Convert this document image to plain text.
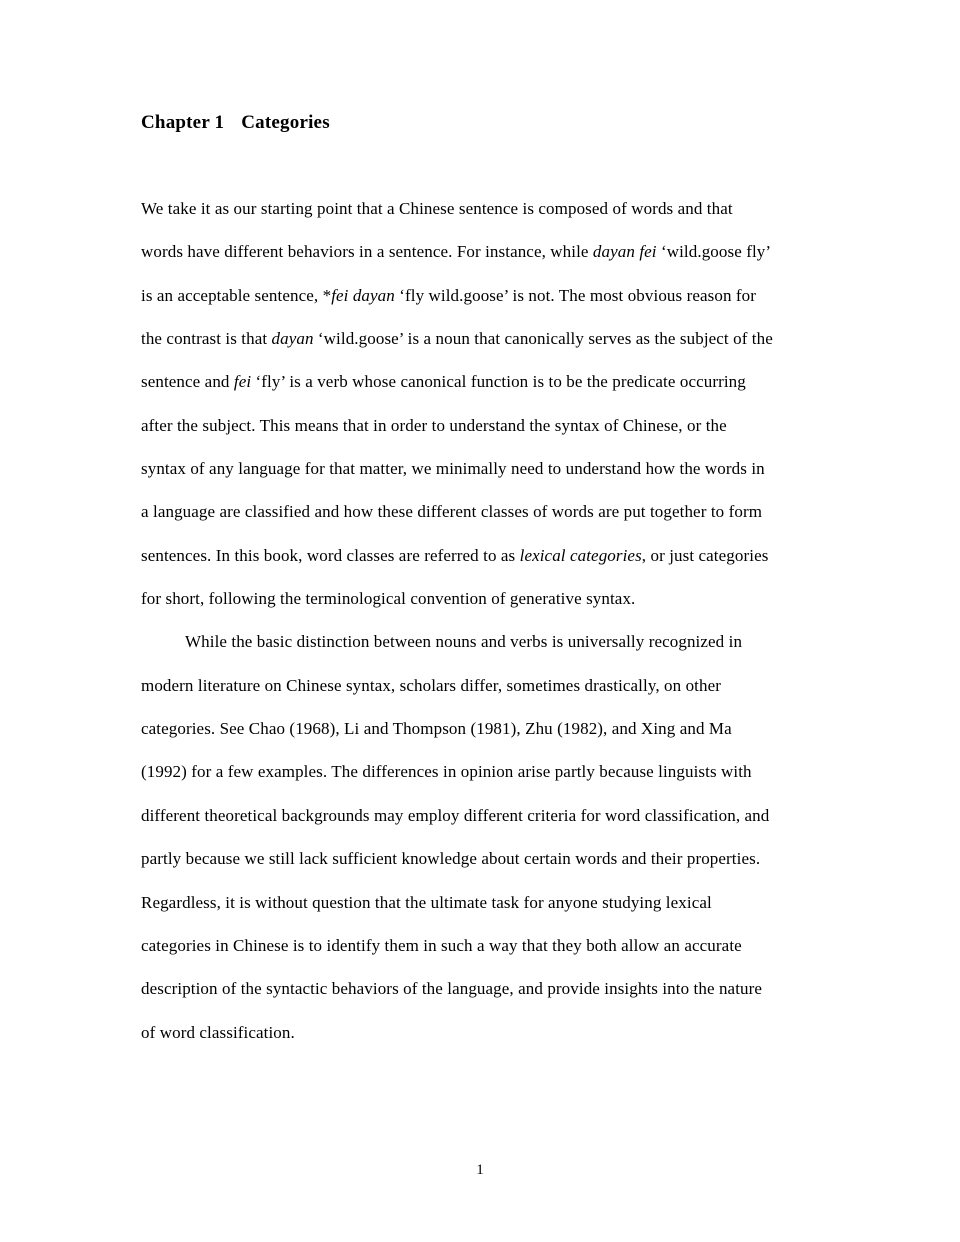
Chapter 1 Categories
We take it as our starting point that a Chinese sentence is composed of words and that
words have different behaviors in a sentence. For instance, while dayan fei ‘wild.goose fly’
is an acceptable sentence, *fei dayan ‘fly wild.goose’ is not. The most obvious reason for
the contrast is that dayan ‘wild.goose’ is a noun that canonically serves as the subject of the
sentence and fei ‘fly’ is a verb whose canonical function is to be the predicate occurring
after the subject. This means that in order to understand the syntax of Chinese, or the
syntax of any language for that matter, we minimally need to understand how the words in
a language are classified and how these different classes of words are put together to form
sentences. In this book, word classes are referred to as lexical categories, or just categories
for short, following the terminological convention of generative syntax.
While the basic distinction between nouns and verbs is universally recognized in
modern literature on Chinese syntax, scholars differ, sometimes drastically, on other
categories. See Chao (1968), Li and Thompson (1981), Zhu (1982), and Xing and Ma
(1992) for a few examples. The differences in opinion arise partly because linguists with
different theoretical backgrounds may employ different criteria for word classification, and
partly because we still lack sufficient knowledge about certain words and their properties.
Regardless, it is without question that the ultimate task for anyone studying lexical
categories in Chinese is to identify them in such a way that they both allow an accurate
description of the syntactic behaviors of the language, and provide insights into the nature
of word classification.
1
